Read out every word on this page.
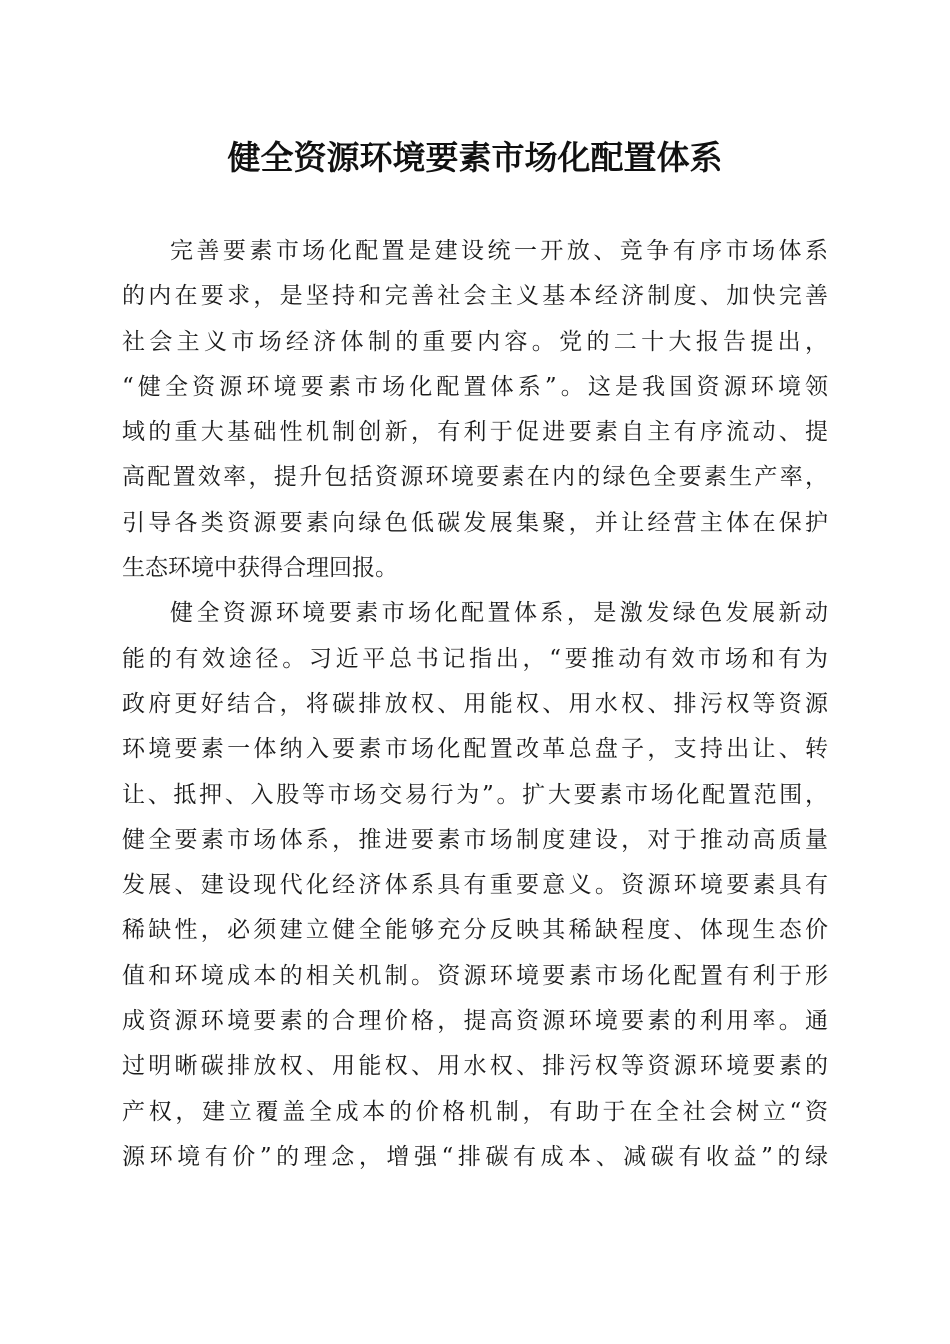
健全资源环境要素市场化配置体系
完善要素市场化配置是建设统一开放、竞争有序市场体系
的内在要求，是坚持和完善社会主义基本经济制度、加快完善
社会主义市场经济体制的重要内容。党的二十大报告提出，
“健全资源环境要素市场化配置体系”。这是我国资源环境领
域的重大基础性机制创新，有利于促进要素自主有序流动、提
高配置效率，提升包括资源环境要素在内的绿色全要素生产率，
引导各类资源要素向绿色低碳发展集聚，并让经营主体在保护
生态环境中获得合理回报。
健全资源环境要素市场化配置体系，是激发绿色发展新动
能的有效途径。习近平总书记指出，“要推动有效市场和有为
政府更好结合，将碳排放权、用能权、用水权、排污权等资源
环境要素一体纳入要素市场化配置改革总盘子，支持出让、转
让、抵押、入股等市场交易行为”。扩大要素市场化配置范围，
健全要素市场体系，推进要素市场制度建设，对于推动高质量
发展、建设现代化经济体系具有重要意义。资源环境要素具有
稀缺性，必须建立健全能够充分反映其稀缺程度、体现生态价
值和环境成本的相关机制。资源环境要素市场化配置有利于形
成资源环境要素的合理价格，提高资源环境要素的利用率。通
过明晰碳排放权、用能权、用水权、排污权等资源环境要素的
产权，建立覆盖全成本的价格机制，有助于在全社会树立“资
源环境有价”的理念，增强“排碳有成本、减碳有收益”的绿
